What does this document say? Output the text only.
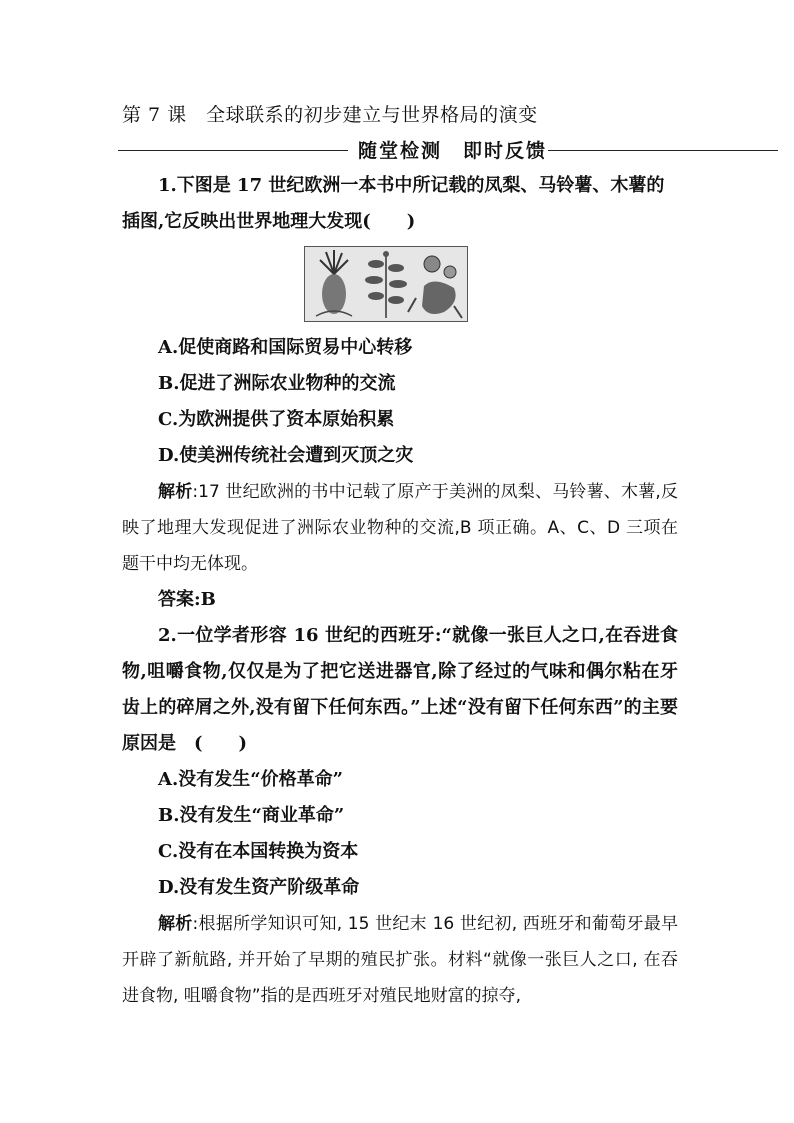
第 7 课　全球联系的初步建立与世界格局的演变
随堂检测　即时反馈

1.下图是 17 世纪欧洲一本书中所记载的凤梨、马铃薯、木薯的

插图,它反映出世界地理大发现(　　)

A.促使商路和国际贸易中心转移

B.促进了洲际农业物种的交流

C.为欧洲提供了资本原始积累

D.使美洲传统社会遭到灭顶之灾

解析:17 世纪欧洲的书中记载了原产于美洲的凤梨、马铃薯、木薯,反映了地理大发现促进了洲际农业物种的交流,B 项正确。A、C、D 三项在题干中均无体现。

答案:B

2.一位学者形容 16 世纪的西班牙:“就像一张巨人之口,在吞进食物,咀嚼食物,仅仅是为了把它送进器官,除了经过的气味和偶尔粘在牙齿上的碎屑之外,没有留下任何东西。”上述“没有留下任何东西”的主要原因是　(　　)

A.没有发生“价格革命”

B.没有发生“商业革命”

C.没有在本国转换为资本

D.没有发生资产阶级革命

解析:根据所学知识可知, 15 世纪末 16 世纪初, 西班牙和葡萄牙最早开辟了新航路, 并开始了早期的殖民扩张。材料“就像一张巨人之口, 在吞进食物, 咀嚼食物”指的是西班牙对殖民地财富的掠夺,
